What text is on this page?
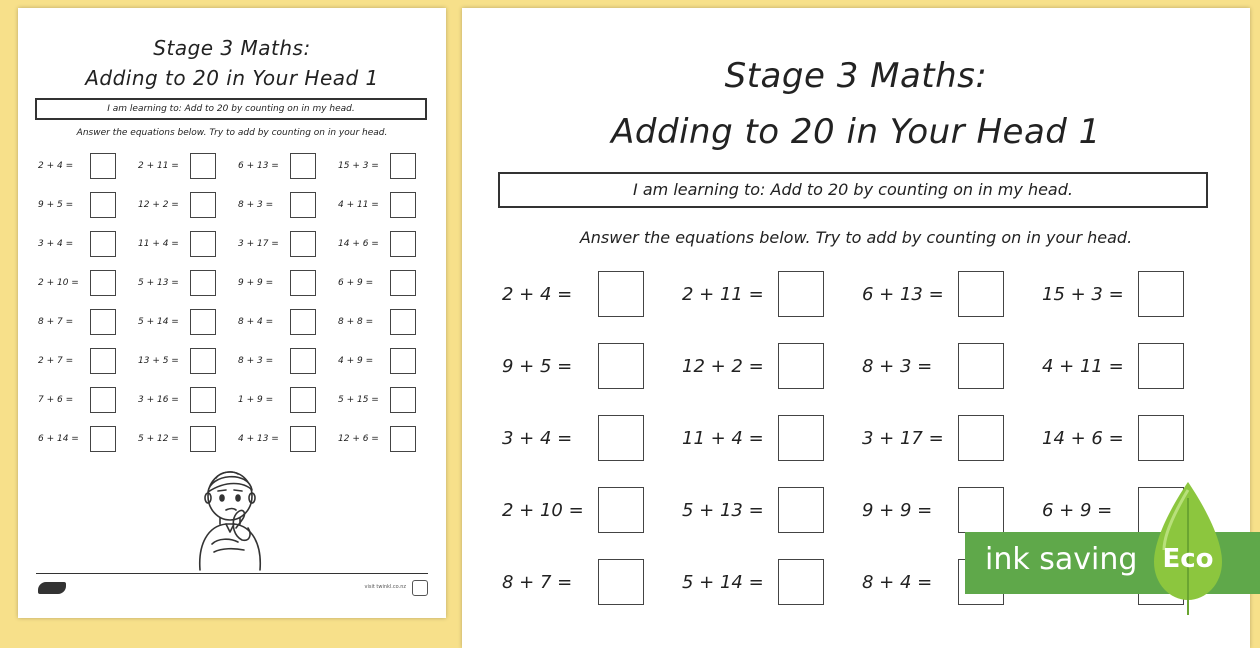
Stage 3 Maths:
Adding to 20 in Your Head 1
I am learning to: Add to 20 by counting on in my head.
Answer the equations below. Try to add by counting on in your head.
2 + 4 =	2 + 11 =	6 + 13 =	15 + 3 =
9 + 5 =	12 + 2 =	8 + 3 =	4 + 11 =
3 + 4 =	11 + 4 =	3 + 17 =	14 + 6 =
2 + 10 =	5 + 13 =	9 + 9 =	6 + 9 =
8 + 7 =	5 + 14 =	8 + 4 =	8 + 8 =
2 + 7 =	13 + 5 =	8 + 3 =	4 + 9 =
7 + 6 =	3 + 16 =	1 + 9 =	5 + 15 =
6 + 14 =	5 + 12 =	4 + 13 =	12 + 6 =
visit twinkl.co.nz
Stage 3 Maths:
Adding to 20 in Your Head 1
I am learning to: Add to 20 by counting on in my head.
Answer the equations below. Try to add by counting on in your head.
2 + 4 =	2 + 11 =	6 + 13 =	15 + 3 =
9 + 5 =	12 + 2 =	8 + 3 =	4 + 11 =
3 + 4 =	11 + 4 =	3 + 17 =	14 + 6 =
2 + 10 =	5 + 13 =	9 + 9 =	6 + 9 =
8 + 7 =	5 + 14 =	8 + 4 =
ink saving Eco
